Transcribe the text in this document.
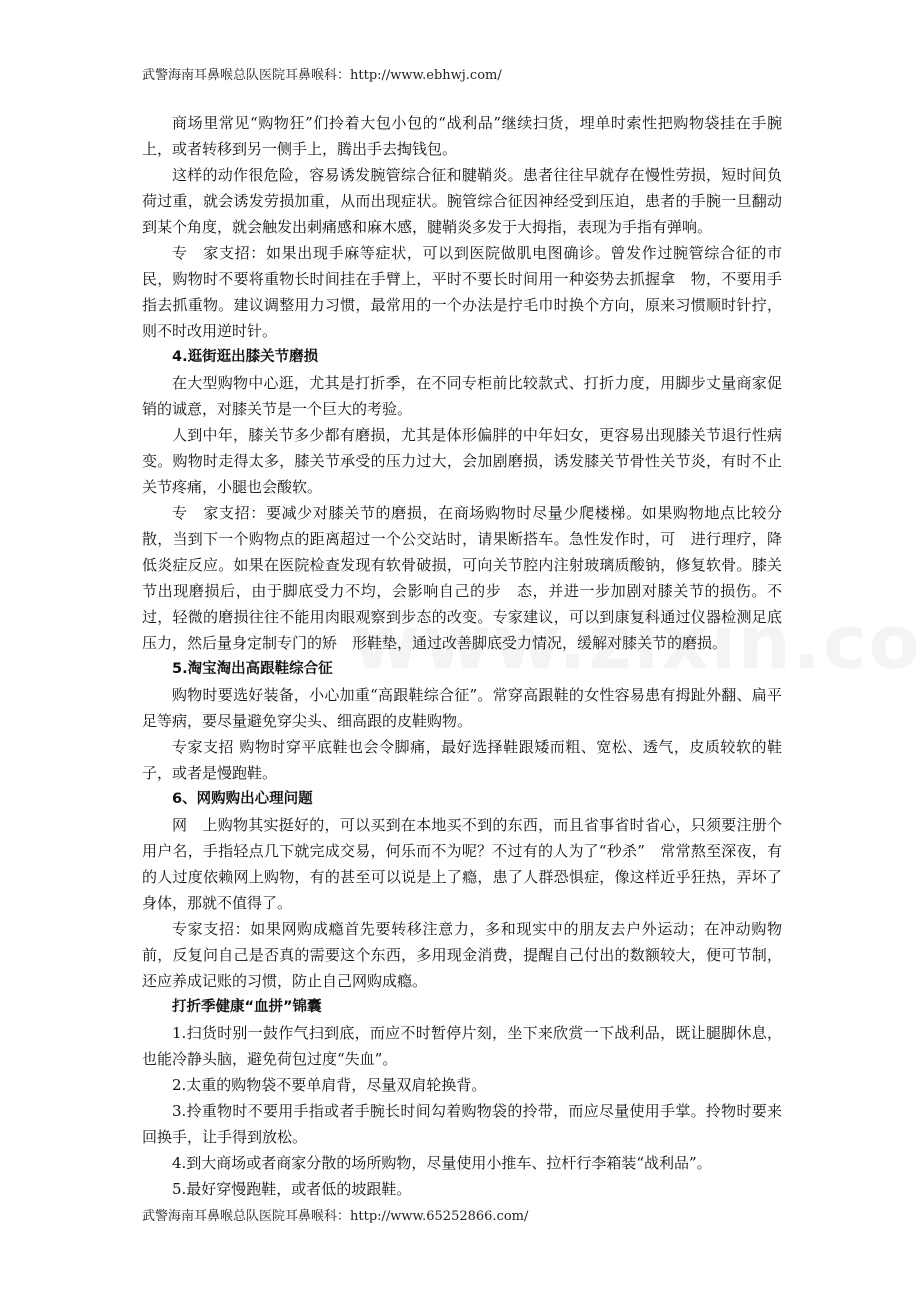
武警海南耳鼻喉总队医院耳鼻喉科：http://www.ebhwj.com/

商场里常见“购物狂”们拎着大包小包的“战利品”继续扫货，埋单时索性把购物袋挂在手腕上，或者转移到另一侧手上，腾出手去掏钱包。

这样的动作很危险，容易诱发腕管综合征和腱鞘炎。患者往往早就存在慢性劳损，短时间负荷过重，就会诱发劳损加重，从而出现症状。腕管综合征因神经受到压迫，患者的手腕一旦翻动到某个角度，就会触发出刺痛感和麻木感，腱鞘炎多发于大拇指，表现为手指有弹响。

专　家支招：如果出现手麻等症状，可以到医院做肌电图确诊。曾发作过腕管综合征的市民，购物时不要将重物长时间挂在手臂上，平时不要长时间用一种姿势去抓握拿　物，不要用手指去抓重物。建议调整用力习惯，最常用的一个办法是拧毛巾时换个方向，原来习惯顺时针拧，则不时改用逆时针。

4.逛街逛出膝关节磨损

在大型购物中心逛，尤其是打折季，在不同专柜前比较款式、打折力度，用脚步丈量商家促销的诚意，对膝关节是一个巨大的考验。

人到中年，膝关节多少都有磨损，尤其是体形偏胖的中年妇女，更容易出现膝关节退行性病变。购物时走得太多，膝关节承受的压力过大，会加剧磨损，诱发膝关节骨性关节炎，有时不止关节疼痛，小腿也会酸软。

专　家支招：要减少对膝关节的磨损，在商场购物时尽量少爬楼梯。如果购物地点比较分散，当到下一个购物点的距离超过一个公交站时，请果断搭车。急性发作时，可　进行理疗，降低炎症反应。如果在医院检查发现有软骨破损，可向关节腔内注射玻璃质酸钠，修复软骨。膝关节出现磨损后，由于脚底受力不均，会影响自己的步　态，并进一步加剧对膝关节的损伤。不过，轻微的磨损往往不能用肉眼观察到步态的改变。专家建议，可以到康复科通过仪器检测足底压力，然后量身定制专门的矫　形鞋垫，通过改善脚底受力情况，缓解对膝关节的磨损。

5.淘宝淘出高跟鞋综合征

购物时要选好装备，小心加重“高跟鞋综合征”。常穿高跟鞋的女性容易患有拇趾外翻、扁平足等病，要尽量避免穿尖头、细高跟的皮鞋购物。

专家支招 购物时穿平底鞋也会令脚痛，最好选择鞋跟矮而粗、宽松、透气，皮质较软的鞋子，或者是慢跑鞋。

6、网购购出心理问题

网　上购物其实挺好的，可以买到在本地买不到的东西，而且省事省时省心，只须要注册个用户名，手指轻点几下就完成交易，何乐而不为呢？不过有的人为了“秒杀”　常常熬至深夜，有的人过度依赖网上购物，有的甚至可以说是上了瘾，患了人群恐惧症，像这样近乎狂热，弄坏了身体，那就不值得了。

专家支招：如果网购成瘾首先要转移注意力，多和现实中的朋友去户外运动；在冲动购物前，反复问自己是否真的需要这个东西，多用现金消费，提醒自己付出的数额较大，便可节制，还应养成记账的习惯，防止自己网购成瘾。

打折季健康“血拼”锦囊

1.扫货时别一鼓作气扫到底，而应不时暂停片刻，坐下来欣赏一下战利品，既让腿脚休息，也能冷静头脑，避免荷包过度“失血”。

2.太重的购物袋不要单肩背，尽量双肩轮换背。

3.拎重物时不要用手指或者手腕长时间勾着购物袋的拎带，而应尽量使用手掌。拎物时要来回换手，让手得到放松。

4.到大商场或者商家分散的场所购物，尽量使用小推车、拉杆行李箱装“战利品”。

5.最好穿慢跑鞋，或者低的坡跟鞋。

武警海南耳鼻喉总队医院耳鼻喉科：http://www.65252866.com/
